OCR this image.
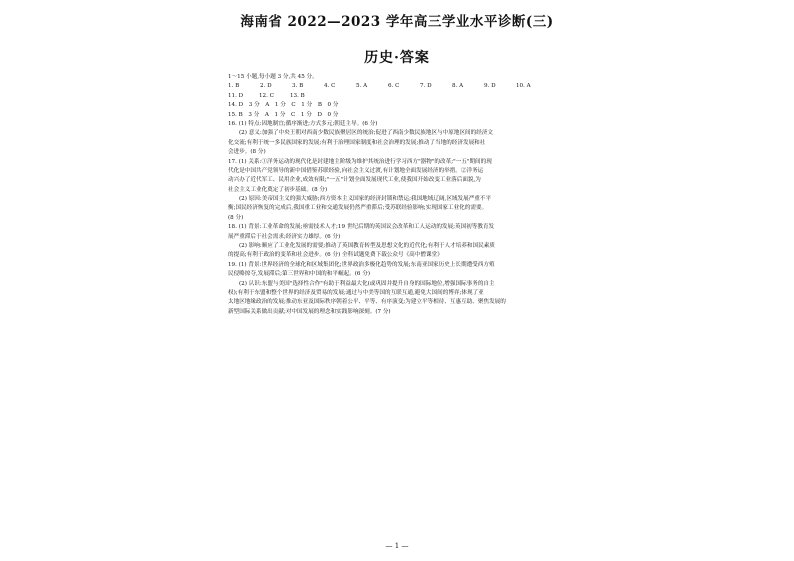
海南省 2022—2023 学年高三学业水平诊断(三)
历史·答案
1～15 小题,每小题 3 分,共 45 分。
1. B	2. D	3. B	4. C	5. A	6. C	7. D	8. A	9. D	10. A
11. D	12. C	13. B
14. D　3 分　A　1 分　C　1 分　B　0 分
15. B　3 分　A　1 分　C　1 分　D　0 分
16. (1) 特点:因地制宜;循序渐进;方式多元;朝廷主导。(6 分)
(2) 意义:加强了中央王朝对西南少数民族聚居区的统治;促进了西南少数民族地区与中原地区间的经济文
化交流;有利于统一多民族国家的发展;有利于治理国家制度和社会治理的发展;推动了当地的经济发展和社
会进步。(8 分)
17. (1) 关系:①洋务运动的现代化是封建地主阶级为维护其统治进行学习西方"器物"的改革;"一五"期间的现
代化是中国共产党领导的新中国借鉴苏联经验,向社会主义过渡,有计划地全面发展经济的举措。②洋务运
动兴办了近代军工、民用企业,成效有限;"一五"计划全面发展现代工业,使我国开始改变工业落后面貌,为
社会主义工业化奠定了初步基础。(8 分)
(2) 原因:美帝国主义的强大威胁;西方资本主义国家的经济封锁和禁运;我国地域辽阔,区域发展严重不平
衡;国民经济恢复的完成后,我国重工业和交通发展仍然严重滞后;受苏联经验影响;实现国家工业化的需要。
(8 分)
18. (1) 背景:工业革命的发展;亟需技术人才;19 世纪后期的英国议会改革和工人运动的发展;英国初等教育发
展严重滞后于社会需求;经济实力雄厚。(6 分)
(2) 影响:顺应了工业化发展的需要;推动了英国教育转型及思想文化的近代化;有利于人才培养和国民素质
的提高;有利于政治的变革和社会进步。(6 分) 全科试题免费下载公众号《高中僧课堂》
19. (1) 背景:世界经济的全球化和区域集团化;世界政治多极化趋势的发展;东南亚国家历史上长期遭受西方殖
民侵略掠夺,发展滞后;第三世界和中国的和平崛起。(6 分)
(2) 认识:东盟与美国"选择性合作"有助于利益最大化(或巩固并提升自身的国际地位,增强国际事务的自主
权);有利于东盟和整个世界的经济及贸易的发展;通过与中美等国的互联互通,避免大国间的博弈;体现了亚
太地区地缘政治的发展;推动东亚及国际秩序朝着公平、平等、有序演变;为建立平等相待、互惠互助、聚焦发展的
新型国际关系做出贡献;对中国发展的理念和实践影响深刻。(7 分)
— 1 —
